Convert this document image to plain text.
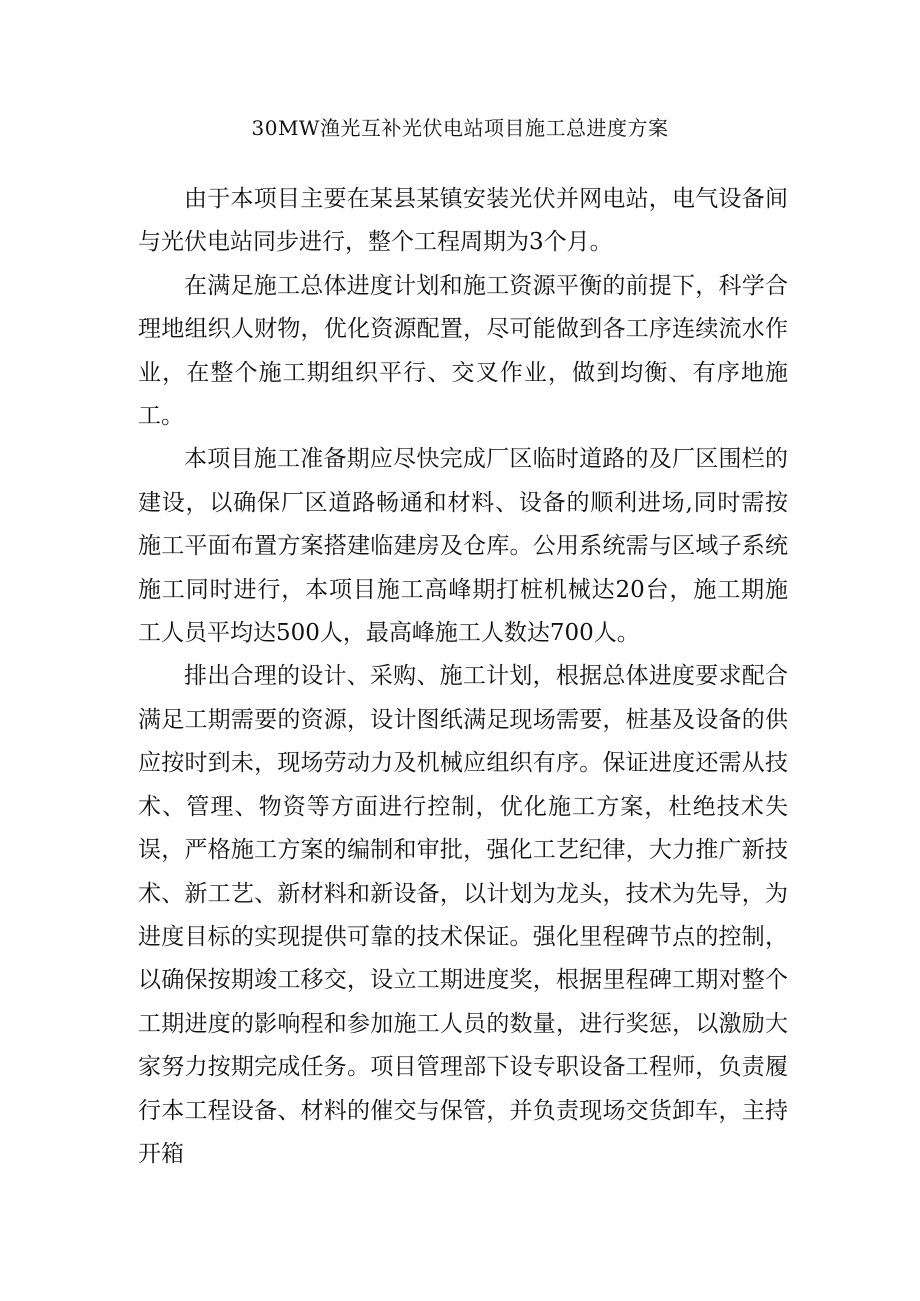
30MW渔光互补光伏电站项目施工总进度方案

由于本项目主要在某县某镇安装光伏并网电站，电气设备间与光伏电站同步进行，整个工程周期为3个月。

在满足施工总体进度计划和施工资源平衡的前提下，科学合理地组织人财物，优化资源配置，尽可能做到各工序连续流水作业，在整个施工期组织平行、交叉作业，做到均衡、有序地施工。

本项目施工准备期应尽快完成厂区临时道路的及厂区围栏的建设，以确保厂区道路畅通和材料、设备的顺利进场,同时需按施工平面布置方案搭建临建房及仓库。公用系统需与区域子系统施工同时进行，本项目施工高峰期打桩机械达20台，施工期施工人员平均达500人，最高峰施工人数达700人。

排出合理的设计、采购、施工计划，根据总体进度要求配合满足工期需要的资源，设计图纸满足现场需要，桩基及设备的供应按时到未，现场劳动力及机械应组织有序。保证进度还需从技术、管理、物资等方面进行控制，优化施工方案，杜绝技术失误，严格施工方案的编制和审批，强化工艺纪律，大力推广新技术、新工艺、新材料和新设备，以计划为龙头，技术为先导，为进度目标的实现提供可靠的技术保证。强化里程碑节点的控制，以确保按期竣工移交，设立工期进度奖，根据里程碑工期对整个工期进度的影响程和参加施工人员的数量，进行奖惩，以激励大家努力按期完成任务。项目管理部下设专职设备工程师，负责履行本工程设备、材料的催交与保管，并负责现场交货卸车，主持开箱
